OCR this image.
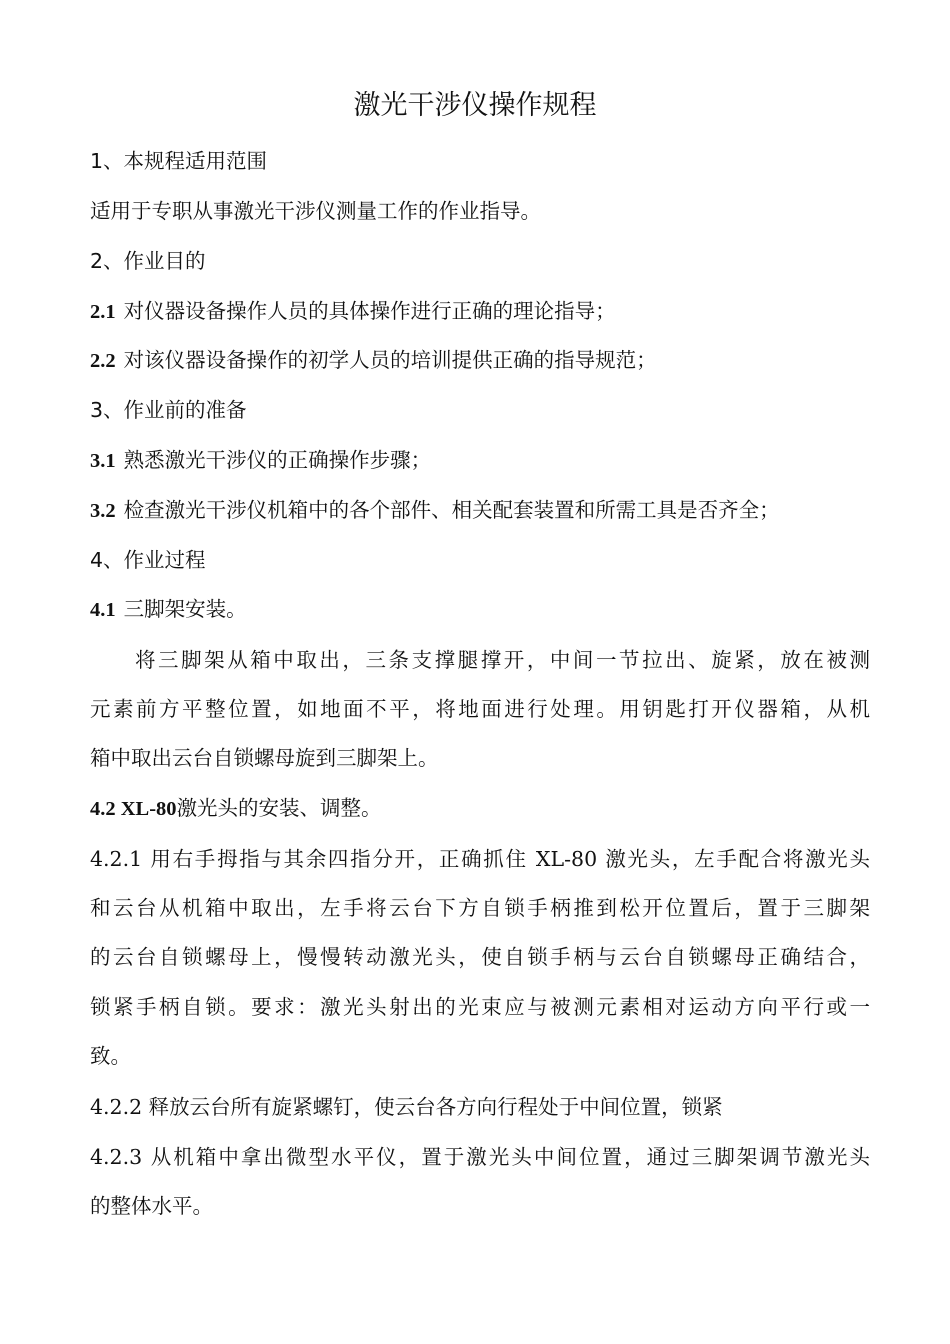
激光干涉仪操作规程
1、本规程适用范围
适用于专职从事激光干涉仪测量工作的作业指导。
2、作业目的
2.1 对仪器设备操作人员的具体操作进行正确的理论指导；
2.2 对该仪器设备操作的初学人员的培训提供正确的指导规范；
3、作业前的准备
3.1 熟悉激光干涉仪的正确操作步骤；
3.2 检查激光干涉仪机箱中的各个部件、相关配套装置和所需工具是否齐全；
4、作业过程
4.1 三脚架安装。
将三脚架从箱中取出，三条支撑腿撑开，中间一节拉出、旋紧，放在被测
元素前方平整位置，如地面不平，将地面进行处理。用钥匙打开仪器箱，从机
箱中取出云台自锁螺母旋到三脚架上。
4.2 XL-80激光头的安装、调整。
4.2.1 用右手拇指与其余四指分开，正确抓住 XL-80 激光头，左手配合将激光头
和云台从机箱中取出，左手将云台下方自锁手柄推到松开位置后，置于三脚架
的云台自锁螺母上，慢慢转动激光头，使自锁手柄与云台自锁螺母正确结合，
锁紧手柄自锁。要求：激光头射出的光束应与被测元素相对运动方向平行或一
致。
4.2.2 释放云台所有旋紧螺钉，使云台各方向行程处于中间位置，锁紧
4.2.3 从机箱中拿出微型水平仪，置于激光头中间位置，通过三脚架调节激光头
的整体水平。
